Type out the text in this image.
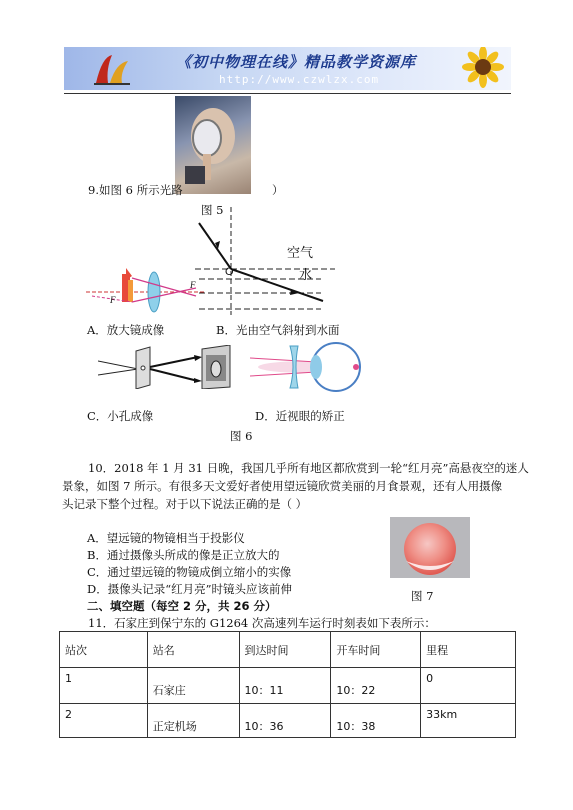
《初中物理在线》精品教学资源库
http://www.czwlzx.com
9.如图 6 所示光路	）
图 5
O
空气
水
F
F
A．放大镜成像	B．光由空气斜射到水面
C．小孔成像	D．近视眼的矫正
图 6
10．2018 年 1 月 31 日晚，我国几乎所有地区都欣赏到一轮“红月亮”高悬夜空的迷人
景象，如图 7 所示。有很多天文爱好者使用望远镜欣赏美丽的月食景观，还有人用摄像
头记录下整个过程。对于以下说法正确的是（ ）
A．望远镜的物镜相当于投影仪
B．通过摄像头所成的像是正立放大的
C．通过望远镜的物镜成倒立缩小的实像
D．摄像头记录“红月亮”时镜头应该前伸	图 7
二、填空题（每空 2 分，共 26 分）
11．石家庄到保宁东的 G1264 次高速列车运行时刻表如下表所示：
站次	站名	到达时间	开车时间	里程
1	石家庄	10：11	10：22	0
2	正定机场	10：36	10：38	33km
